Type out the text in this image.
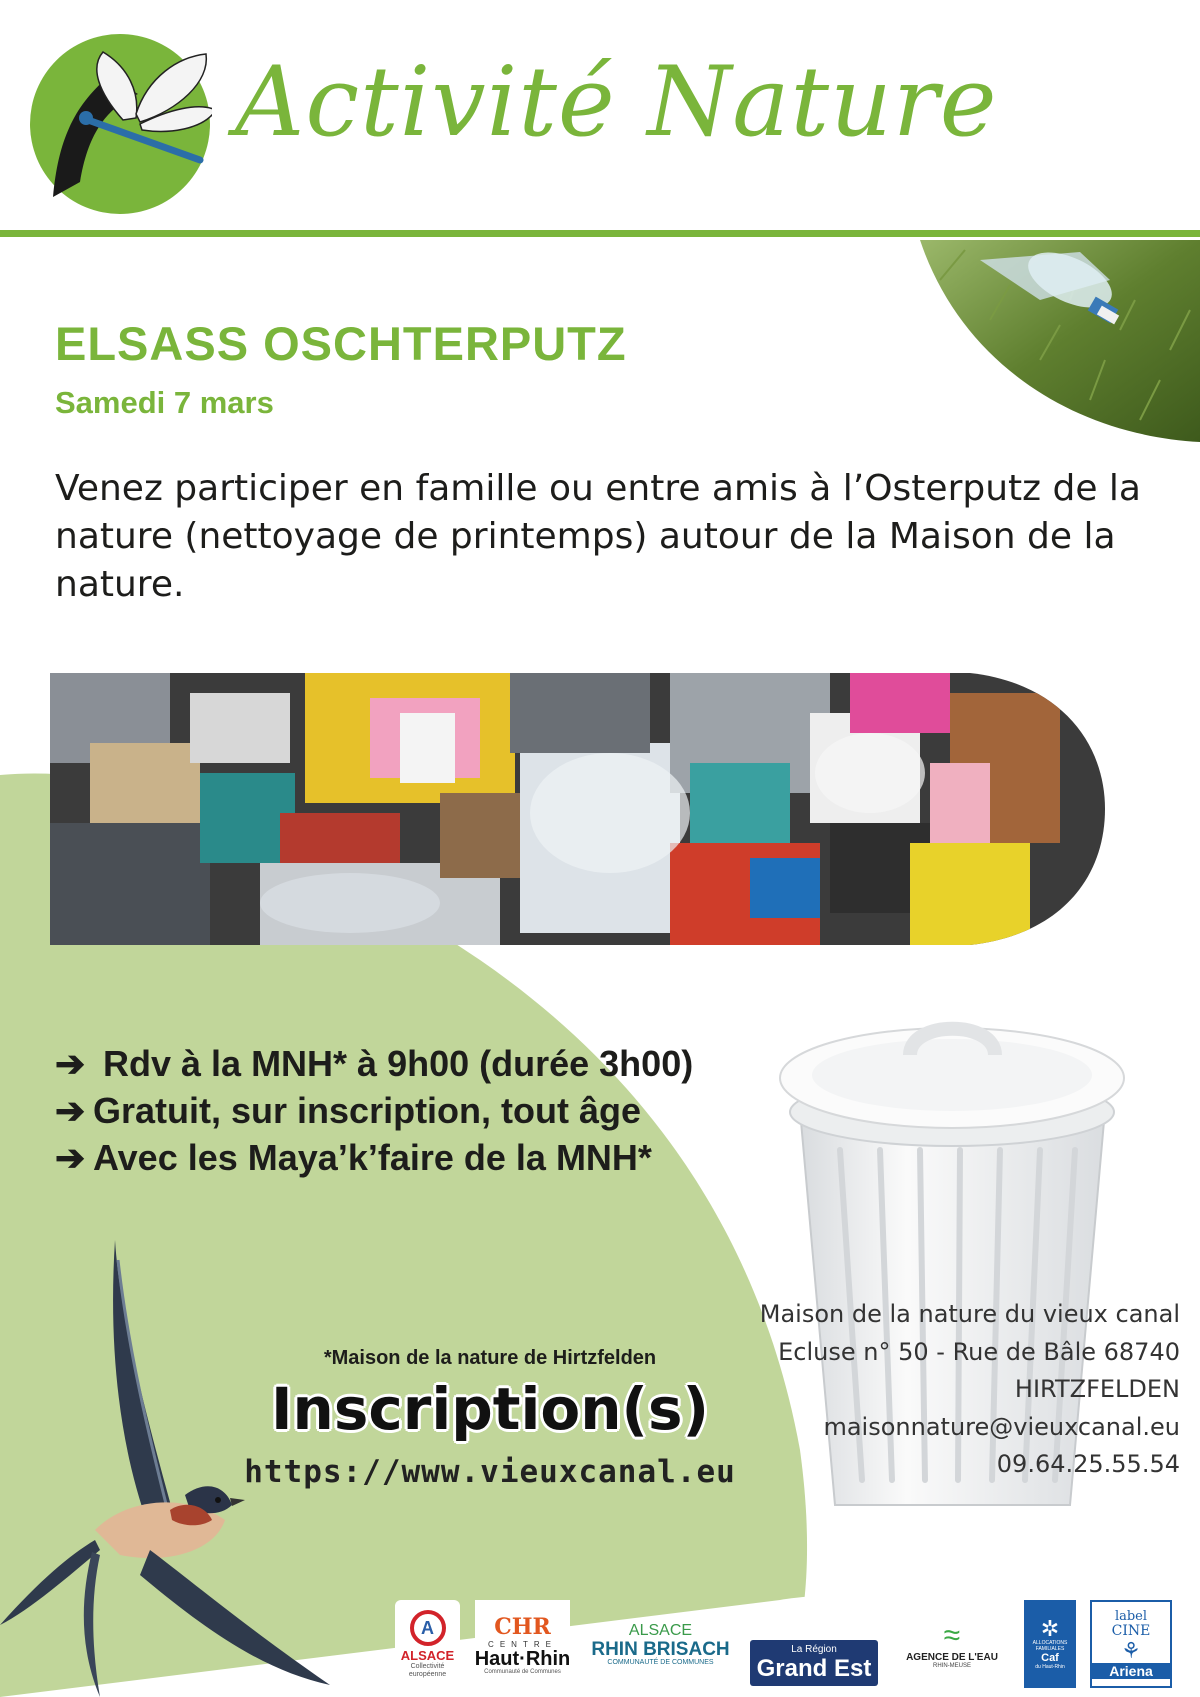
Activité Nature
ELSASS OSCHTERPUTZ
Samedi 7 mars
Venez participer en famille ou entre amis à l’Osterputz de la nature (nettoyage de printemps) autour de la Maison de la nature.
➔ Rdv à la MNH* à 9h00 (durée 3h00)
➔ Gratuit, sur inscription, tout âge
➔ Avec les Maya’k’faire de la MNH*
Maison de la nature du vieux canal
Ecluse n° 50 - Rue de Bâle 68740
HIRTZFELDEN
maisonnature@vieuxcanal.eu
09.64.25.55.54
*Maison de la nature de Hirtzfelden
Inscription(s)
https://www.vieuxcanal.eu
A
ALSACE
Collectivité européenne
CHR
CENTRE
Haut·Rhin
Communauté de Communes
ALSACE
RHIN BRISACH
COMMUNAUTÉ DE COMMUNES
La Région
Grand Est
≈
AGENCE DE L'EAU
RHIN-MEUSE
✲
ALLOCATIONS FAMILIALES
Caf
du Haut-Rhin
label
CINE
⚘
Ariena
